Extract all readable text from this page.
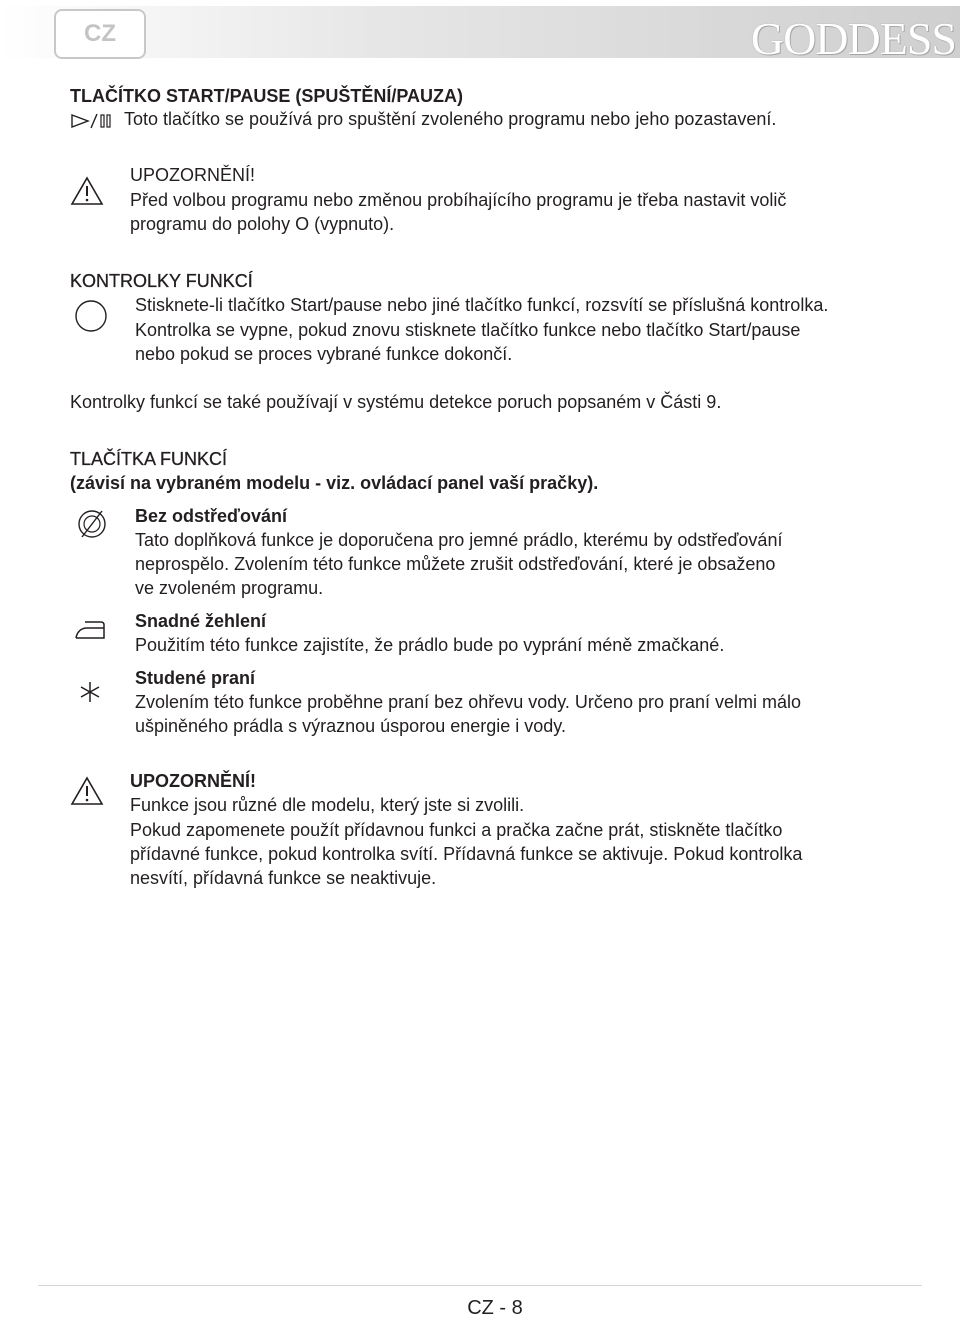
CZ	GODDESS
TLAČÍTKO START/PAUSE (SPUŠTĚNÍ/PAUZA)

Toto tlačítko se používá pro spuštění zvoleného programu nebo jeho pozastavení.

UPOZORNĚNÍ!

Před volbou programu nebo změnou probíhajícího programu je třeba nastavit volič

programu do polohy O (vypnuto).

KONTROLKY FUNKCÍ

Stisknete-li tlačítko Start/pause nebo jiné tlačítko funkcí, rozsvítí se příslušná kontrolka.

Kontrolka se vypne, pokud znovu stisknete tlačítko funkce nebo tlačítko Start/pause

nebo pokud se proces vybrané funkce dokončí.

Kontrolky funkcí se také používají v systému detekce poruch popsaném v Části 9.

TLAČÍTKA FUNKCÍ

(závisí na vybraném modelu - viz. ovládací panel vaší pračky).

Bez odstřeďování

Tato doplňková funkce je doporučena pro jemné prádlo, kterému by odstřeďování

neprospělo. Zvolením této funkce můžete zrušit odstřeďování, které je obsaženo

ve zvoleném programu.

Snadné žehlení

Použitím této funkce zajistíte, že prádlo bude po vyprání méně zmačkané.

Studené praní

Zvolením této funkce proběhne praní bez ohřevu vody. Určeno pro praní velmi málo

ušpiněného prádla s výraznou úsporou energie i vody.

UPOZORNĚNÍ!

Funkce jsou různé dle modelu, který jste si zvolili.

Pokud zapomenete použít přídavnou funkci a pračka začne prát, stiskněte tlačítko

přídavné funkce, pokud kontrolka svítí. Přídavná funkce se aktivuje. Pokud kontrolka

nesvítí, přídavná funkce se neaktivuje.

CZ - 8
